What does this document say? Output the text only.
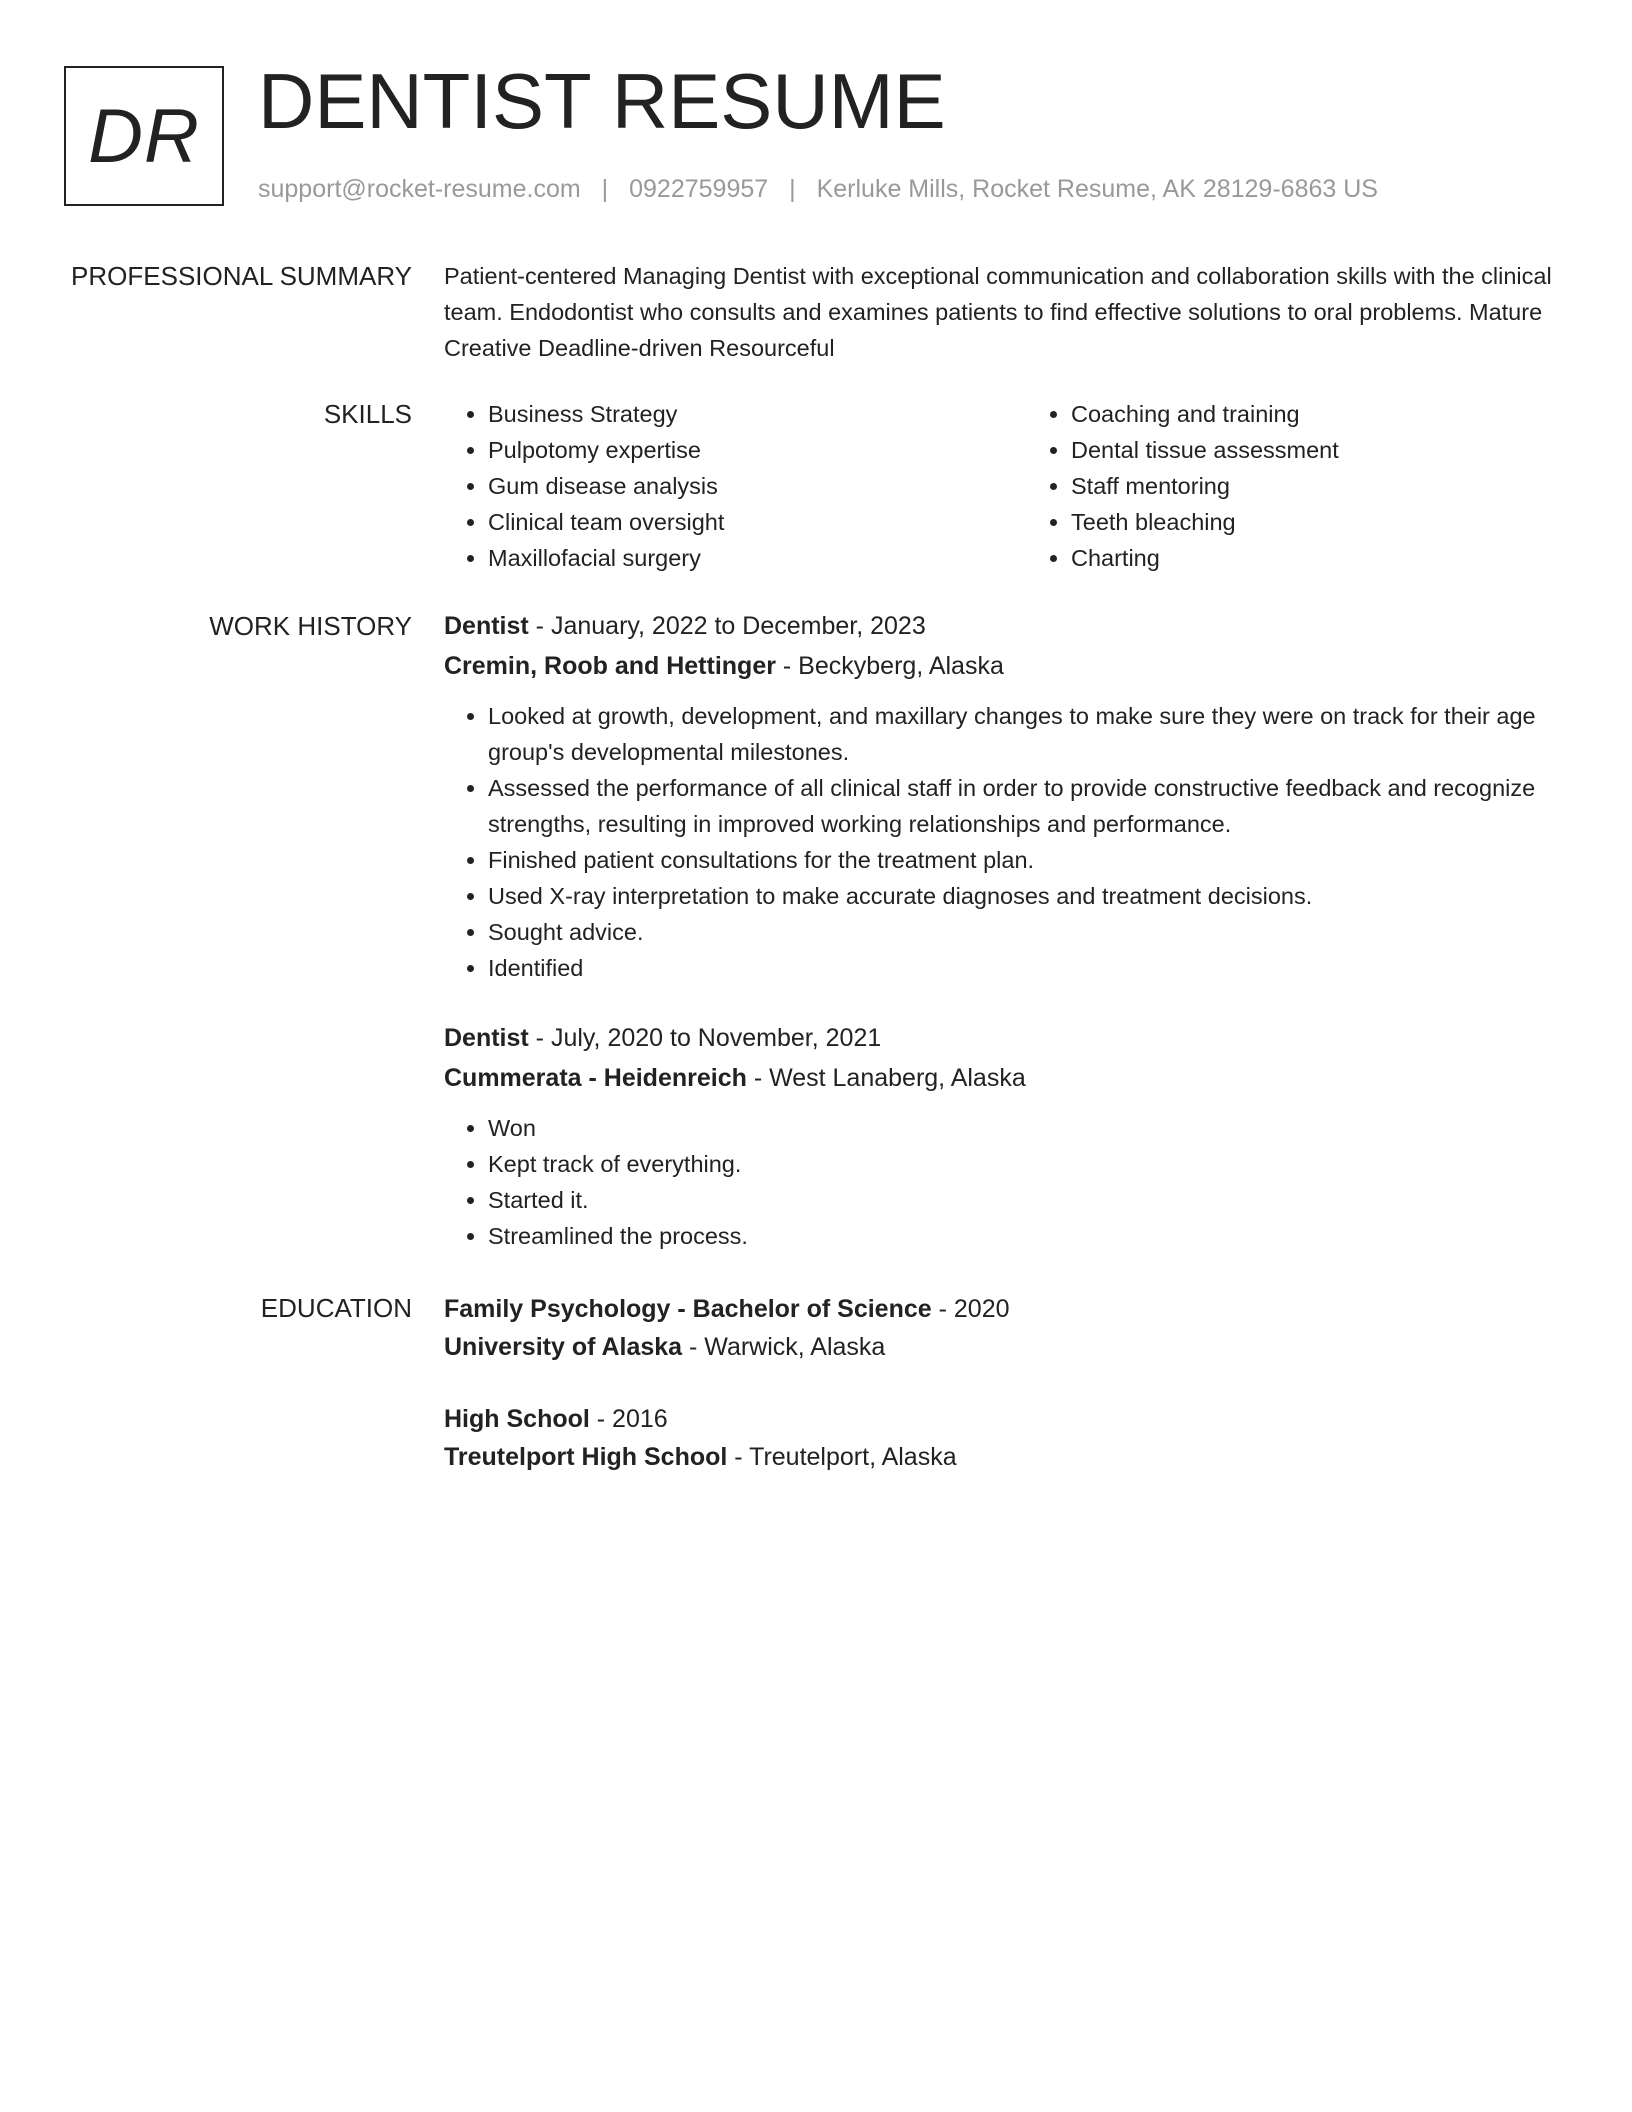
DR DENTIST RESUME
support@rocket-resume.com | 0922759957 | Kerluke Mills, Rocket Resume, AK 28129-6863 US
PROFESSIONAL SUMMARY Patient-centered Managing Dentist with exceptional communication and collaboration skills with the clinical team. Endodontist who consults and examines patients to find effective solutions to oral problems. Mature Creative Deadline-driven Resourceful

SKILLS
•	Business Strategy
• Pulpotomy expertise
• Gum disease analysis
• Clinical team oversight
• Maxillofacial surgery
• Coaching and training
• Dental tissue assessment
• Staff mentoring
• Teeth bleaching
• Charting
WORK HISTORY Dentist - January, 2022 to December, 2023

Cremin, Roob and Hettinger - Beckyberg, Alaska

• Looked at growth, development, and maxillary changes to make sure they were on track for their age group's developmental milestones.
• Assessed the performance of all clinical staff in order to provide constructive feedback and recognize strengths, resulting in improved working relationships and performance.
• Finished patient consultations for the treatment plan.
• Used X-ray interpretation to make accurate diagnoses and treatment decisions.
• Sought advice.
• Identified

Dentist - July, 2020 to November, 2021

Cummerata - Heidenreich - West Lanaberg, Alaska

• Won
• Kept track of everything.
• Started it.
• Streamlined the process.
EDUCATION Family Psychology - Bachelor of Science - 2020

University of Alaska - Warwick, Alaska

High School - 2016

Treutelport High School - Treutelport, Alaska
